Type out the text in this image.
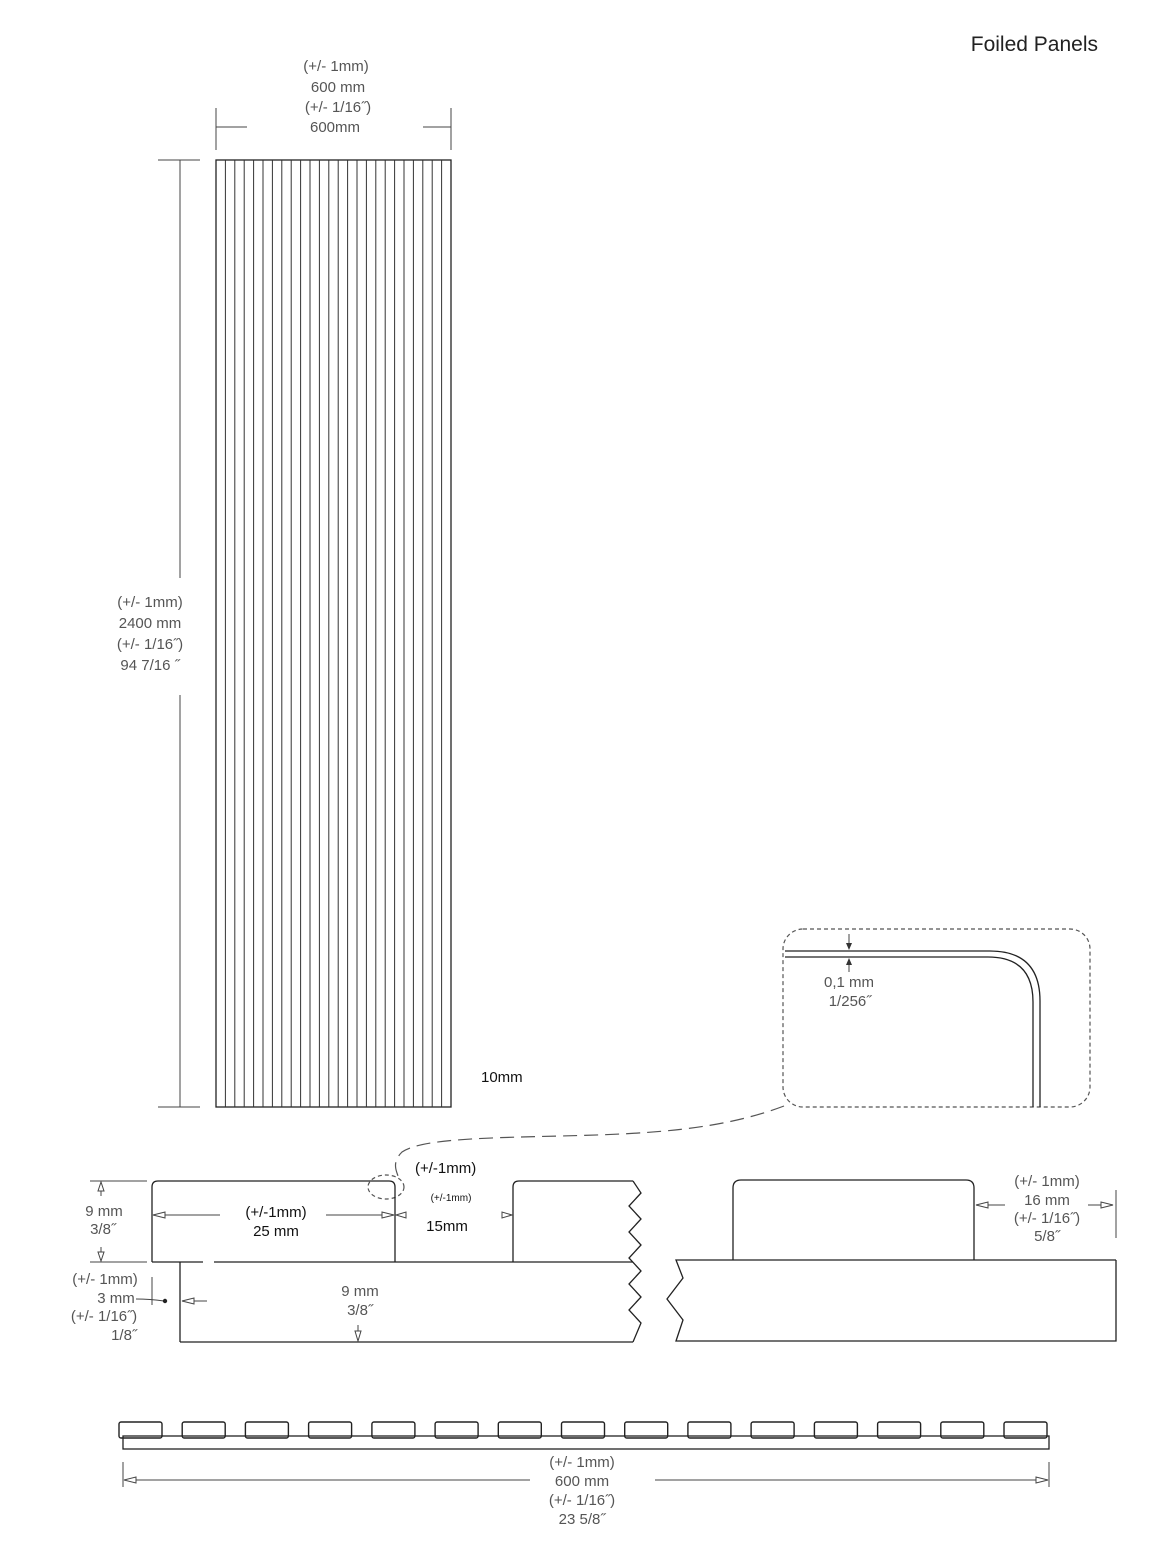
Foiled Panels
(+/- 1mm)
600 mm
(+/- 1/16˝)
600mm
(+/- 1mm)
2400 mm
(+/- 1/16˝)
94 7/16 ˝
10mm
0,1 mm
1/256˝
9 mm
3/8˝
(+/-1mm)
25 mm
(+/-1mm)
(+/-1mm)
15mm
9 mm
3/8˝
(+/- 1mm)
3 mm
(+/- 1/16˝)
1/8˝
(+/- 1mm)
16 mm
(+/- 1/16˝)
5/8˝
(+/- 1mm)
600 mm
(+/- 1/16˝)
23 5/8˝
